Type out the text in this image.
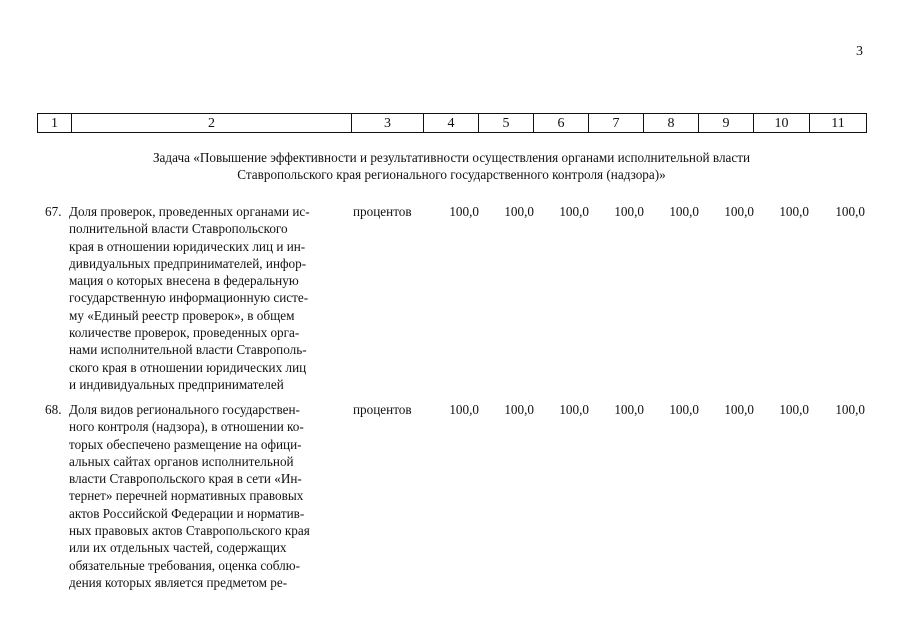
3
1	2	3	4	5	6	7	8	9	10	11
Задача «Повышение эффективности и результативности осуществления органами исполнительной власти
Ставропольского края регионального государственного контроля (надзора)»
67. Доля проверок, проведенных органами ис-
полнительной власти Ставропольского
края в отношении юридических лиц и ин-
дивидуальных предпринимателей, инфор-
мация о которых внесена в федеральную
государственную информационную систе-
му «Единый реестр проверок», в общем
количестве проверок, проведенных орга-
нами исполнительной власти Ставрополь-
ского края в отношении юридических лиц
и индивидуальных предпринимателей
процентов	100,0	100,0	100,0	100,0	100,0	100,0	100,0	100,0
68. Доля видов регионального государствен-
ного контроля (надзора), в отношении ко-
торых обеспечено размещение на офици-
альных сайтах органов исполнительной
власти Ставропольского края в сети «Ин-
тернет» перечней нормативных правовых
актов Российской Федерации и норматив-
ных правовых актов Ставропольского края
или их отдельных частей, содержащих
обязательные требования, оценка соблю-
дения которых является предметом ре-
процентов	100,0	100,0	100,0	100,0	100,0	100,0	100,0	100,0
